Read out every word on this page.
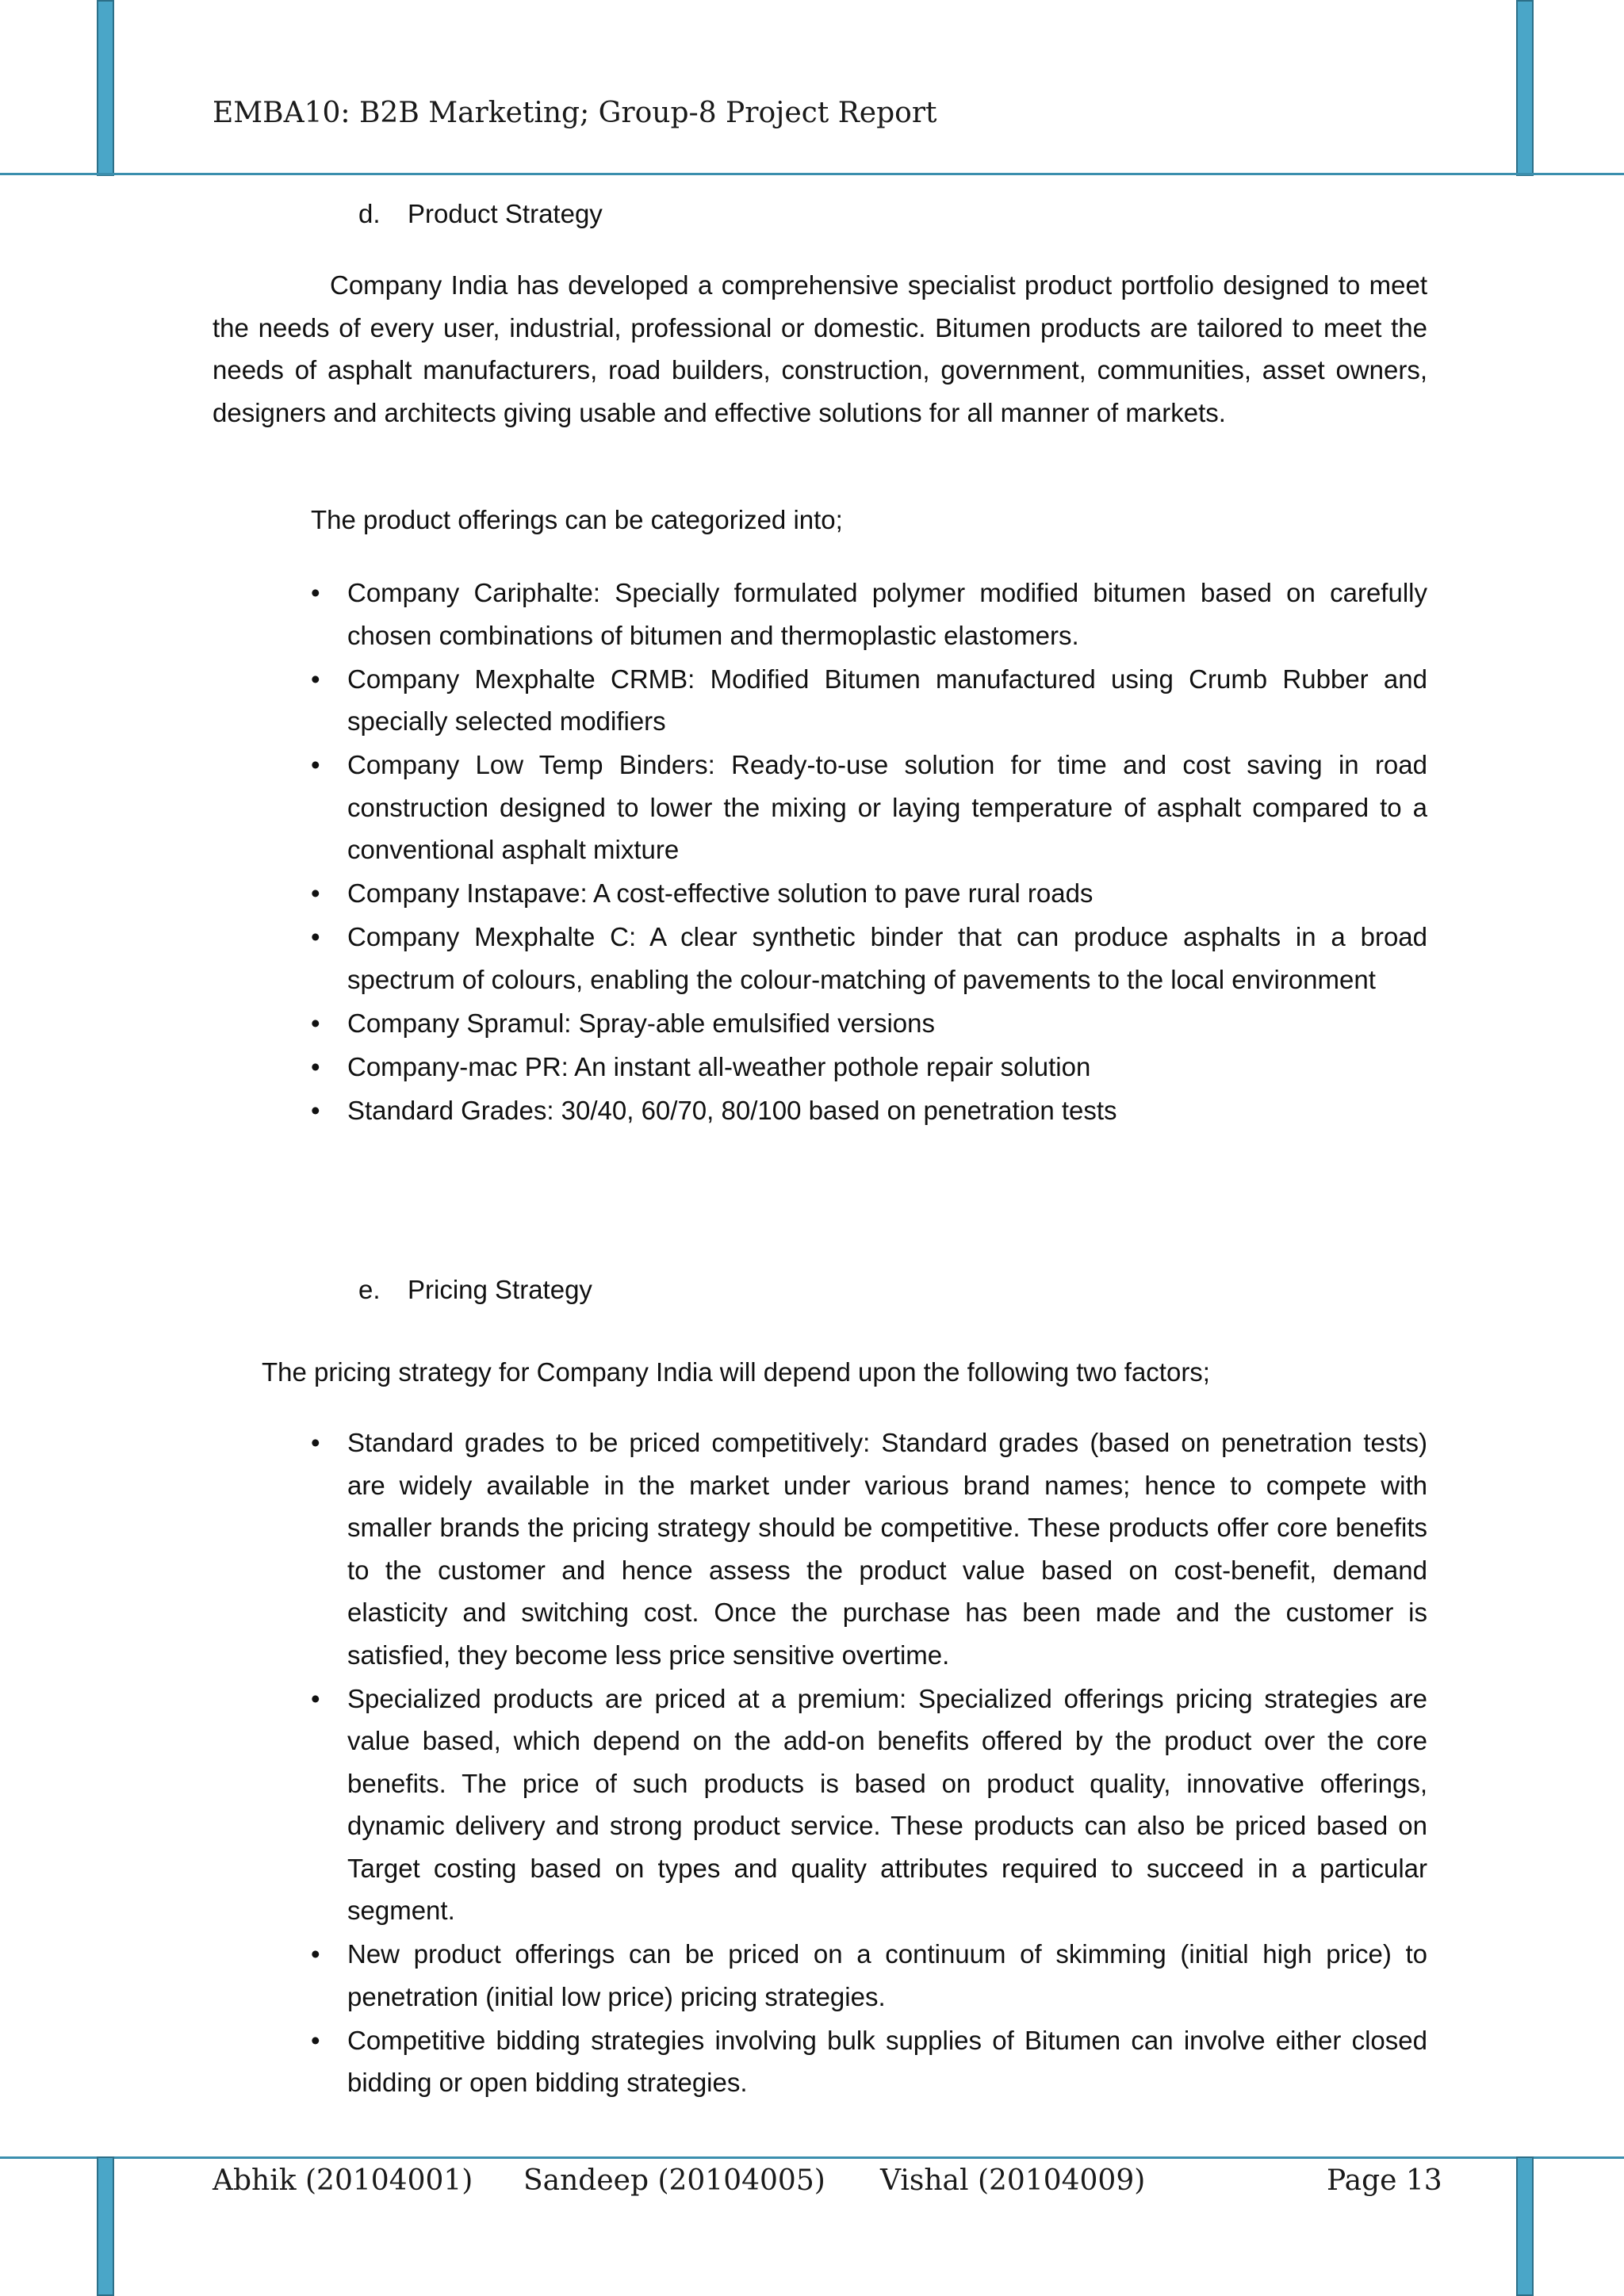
EMBA10: B2B Marketing; Group-8 Project Report
d. Product Strategy

Company India has developed a comprehensive specialist product portfolio designed to meet the needs of every user, industrial, professional or domestic. Bitumen products are tailored to meet the needs of asphalt manufacturers, road builders, construction, government, communities, asset owners, designers and architects giving usable and effective solutions for all manner of markets.

The product offerings can be categorized into;

• Company Cariphalte: Specially formulated polymer modified bitumen based on carefully chosen combinations of bitumen and thermoplastic elastomers.
• Company Mexphalte CRMB: Modified Bitumen manufactured using Crumb Rubber and specially selected modifiers
• Company Low Temp Binders: Ready-to-use solution for time and cost saving in road construction designed to lower the mixing or laying temperature of asphalt compared to a conventional asphalt mixture
• Company Instapave: A cost-effective solution to pave rural roads
• Company Mexphalte C: A clear synthetic binder that can produce asphalts in a broad spectrum of colours, enabling the colour-matching of pavements to the local environment
• Company Spramul: Spray-able emulsified versions
• Company-mac PR: An instant all-weather pothole repair solution
• Standard Grades: 30/40, 60/70, 80/100 based on penetration tests
e. Pricing Strategy

The pricing strategy for Company India will depend upon the following two factors;

• Standard grades to be priced competitively: Standard grades (based on penetration tests) are widely available in the market under various brand names; hence to compete with smaller brands the pricing strategy should be competitive. These products offer core benefits to the customer and hence assess the product value based on cost-benefit, demand elasticity and switching cost. Once the purchase has been made and the customer is satisfied, they become less price sensitive overtime.
• Specialized products are priced at a premium: Specialized offerings pricing strategies are value based, which depend on the add-on benefits offered by the product over the core benefits. The price of such products is based on product quality, innovative offerings, dynamic delivery and strong product service. These products can also be priced based on Target costing based on types and quality attributes required to succeed in a particular segment.
• New product offerings can be priced on a continuum of skimming (initial high price) to penetration (initial low price) pricing strategies.
• Competitive bidding strategies involving bulk supplies of Bitumen can involve either closed bidding or open bidding strategies.
Abhik (20104001) Sandeep (20104005) Vishal (20104009)	Page 13
